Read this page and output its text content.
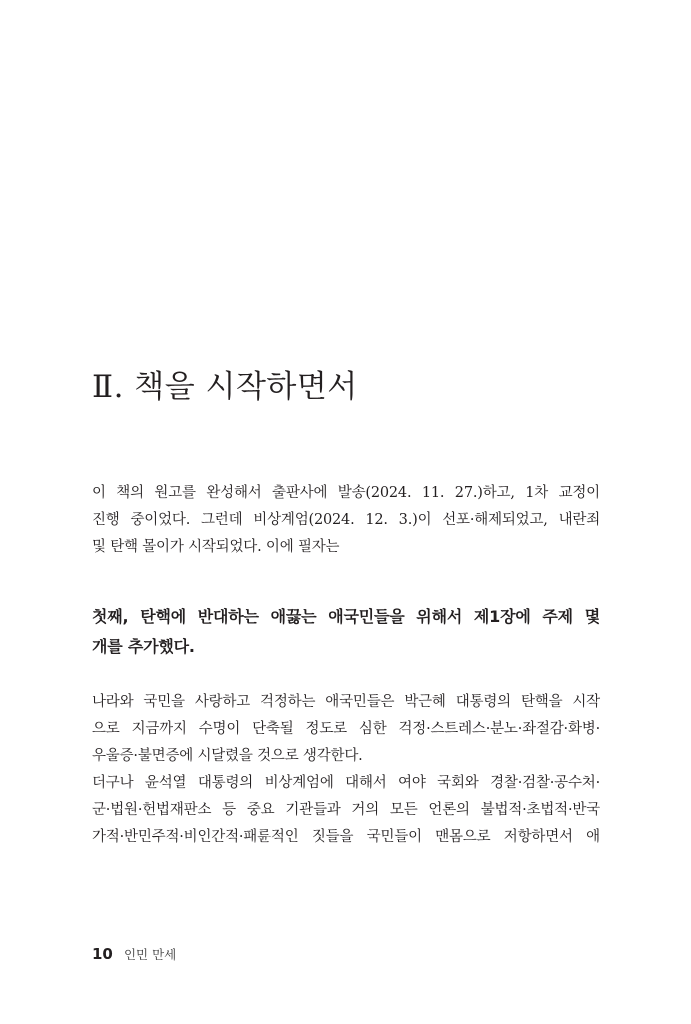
Ⅱ. 책을 시작하면서

이 책의 원고를 완성해서 출판사에 발송(2024. 11. 27.)하고, 1차 교정이
진행 중이었다. 그런데 비상계엄(2024. 12. 3.)이 선포·해제되었고, 내란죄
및 탄핵 몰이가 시작되었다. 이에 필자는

첫째, 탄핵에 반대하는 애끓는 애국민들을 위해서 제1장에 주제 몇
개를 추가했다.

나라와 국민을 사랑하고 걱정하는 애국민들은 박근혜 대통령의 탄핵을 시작
으로 지금까지 수명이 단축될 정도로 심한 걱정·스트레스·분노·좌절감·화병·
우울증·불면증에 시달렸을 것으로 생각한다.
더구나 윤석열 대통령의 비상계엄에 대해서 여야 국회와 경찰·검찰·공수처·
군·법원·헌법재판소 등 중요 기관들과 거의 모든 언론의 불법적·초법적·반국
가적·반민주적·비인간적·패륜적인 짓들을 국민들이 맨몸으로 저항하면서 애

10 인민 만세
